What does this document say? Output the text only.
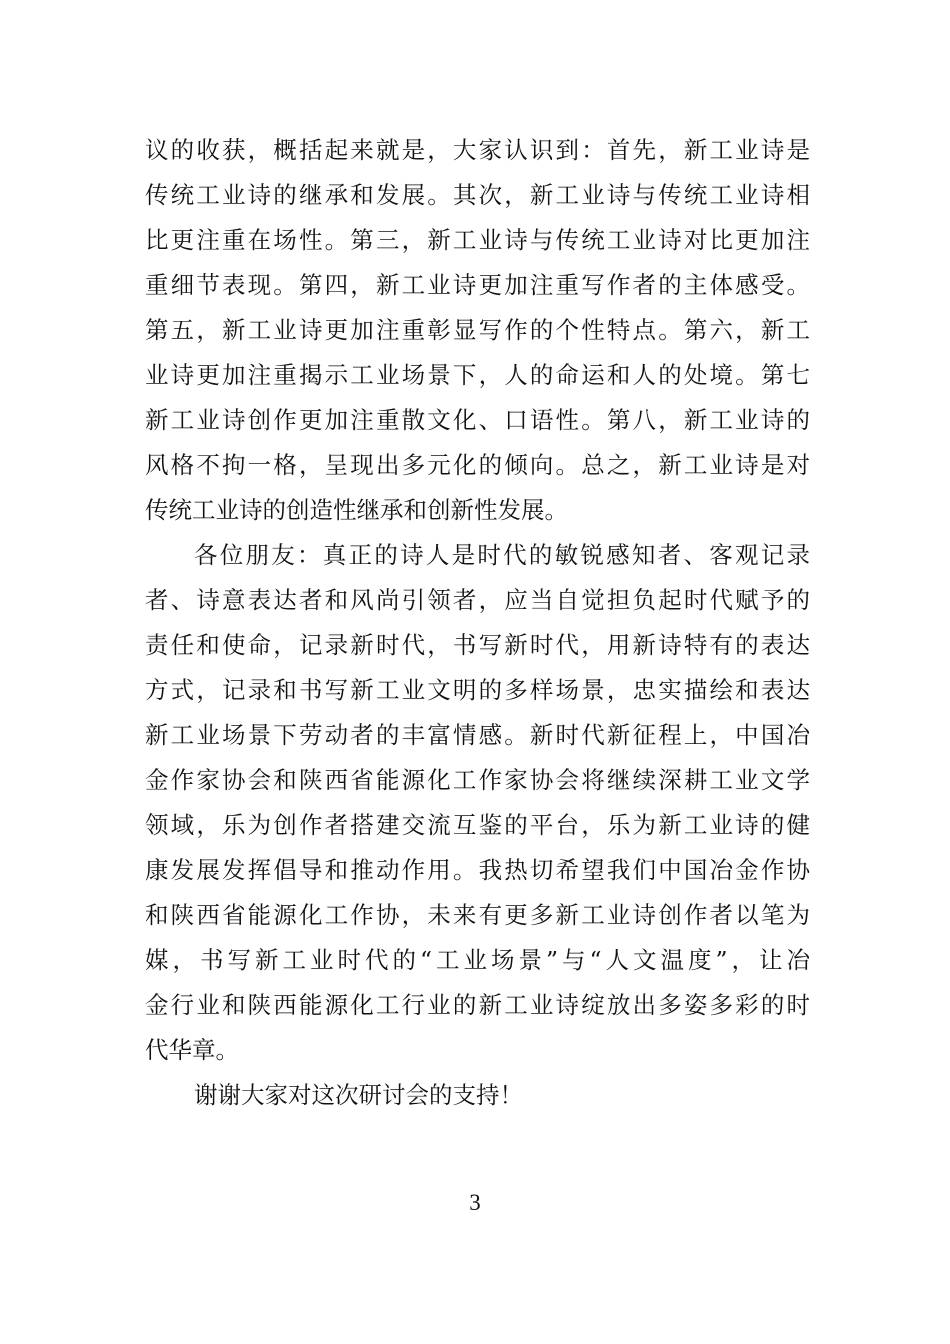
议的收获，概括起来就是，大家认识到：首先，新工业诗是
传统工业诗的继承和发展。其次，新工业诗与传统工业诗相
比更注重在场性。第三，新工业诗与传统工业诗对比更加注
重细节表现。第四，新工业诗更加注重写作者的主体感受。
第五，新工业诗更加注重彰显写作的个性特点。第六，新工
业诗更加注重揭示工业场景下，人的命运和人的处境。第七
新工业诗创作更加注重散文化、口语性。第八，新工业诗的
风格不拘一格，呈现出多元化的倾向。总之，新工业诗是对
传统工业诗的创造性继承和创新性发展。
各位朋友：真正的诗人是时代的敏锐感知者、客观记录
者、诗意表达者和风尚引领者，应当自觉担负起时代赋予的
责任和使命，记录新时代，书写新时代，用新诗特有的表达
方式，记录和书写新工业文明的多样场景，忠实描绘和表达
新工业场景下劳动者的丰富情感。新时代新征程上，中国冶
金作家协会和陕西省能源化工作家协会将继续深耕工业文学
领域，乐为创作者搭建交流互鉴的平台，乐为新工业诗的健
康发展发挥倡导和推动作用。我热切希望我们中国冶金作协
和陕西省能源化工作协，未来有更多新工业诗创作者以笔为
媒，书写新工业时代的“工业场景”与“人文温度”，让冶
金行业和陕西能源化工行业的新工业诗绽放出多姿多彩的时
代华章。
谢谢大家对这次研讨会的支持！
3
